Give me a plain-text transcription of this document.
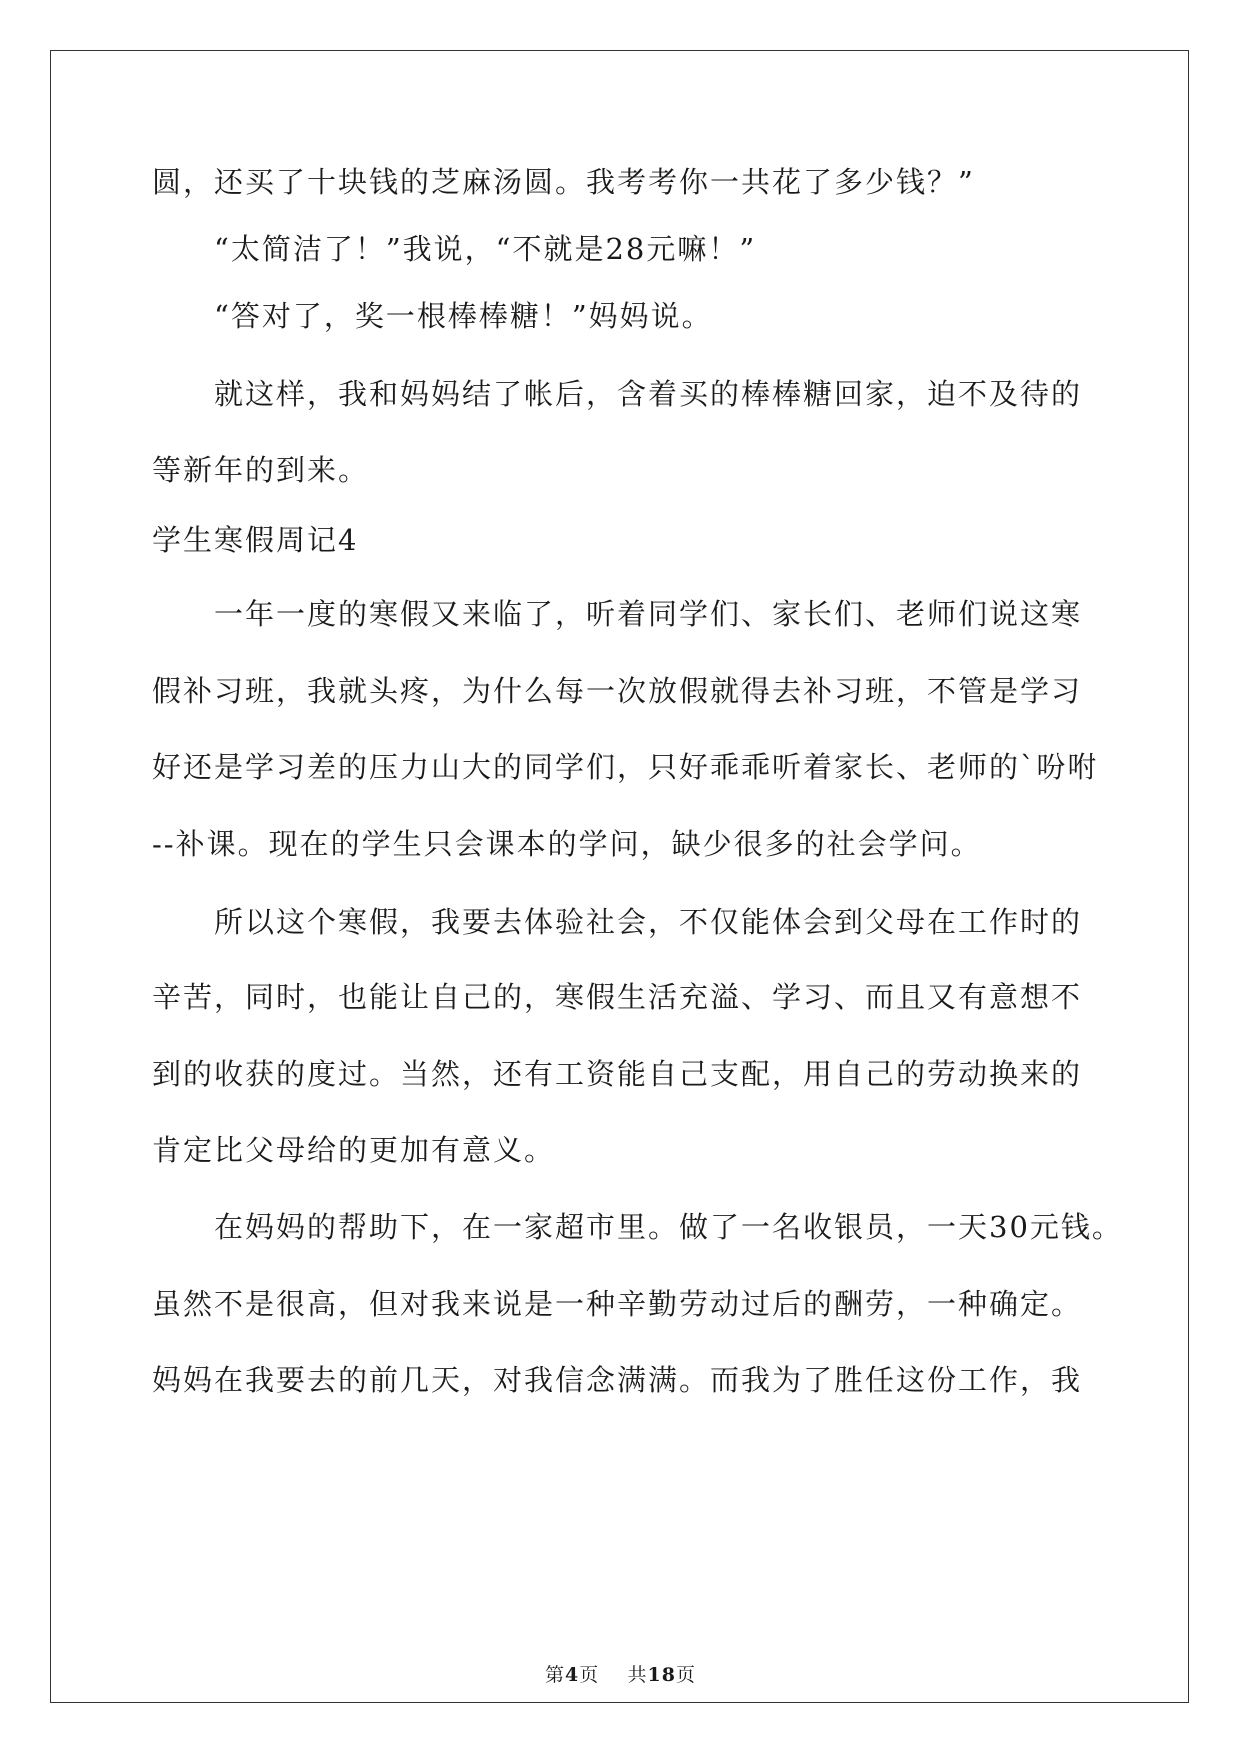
圆，还买了十块钱的芝麻汤圆。我考考你一共花了多少钱？”
“太简洁了！”我说，“不就是28元嘛！”
“答对了，奖一根棒棒糖！”妈妈说。
就这样，我和妈妈结了帐后，含着买的棒棒糖回家，迫不及待的
等新年的到来。
学生寒假周记4
一年一度的寒假又来临了，听着同学们、家长们、老师们说这寒
假补习班，我就头疼，为什么每一次放假就得去补习班，不管是学习
好还是学习差的压力山大的同学们，只好乖乖听着家长、老师的`吩咐
--补课。现在的学生只会课本的学问，缺少很多的社会学问。
所以这个寒假，我要去体验社会，不仅能体会到父母在工作时的
辛苦，同时，也能让自己的，寒假生活充溢、学习、而且又有意想不
到的收获的度过。当然，还有工资能自己支配，用自己的劳动换来的
肯定比父母给的更加有意义。
在妈妈的帮助下，在一家超市里。做了一名收银员，一天30元钱。
虽然不是很高，但对我来说是一种辛勤劳动过后的酬劳，一种确定。
妈妈在我要去的前几天，对我信念满满。而我为了胜任这份工作，我
第4页 共18页
